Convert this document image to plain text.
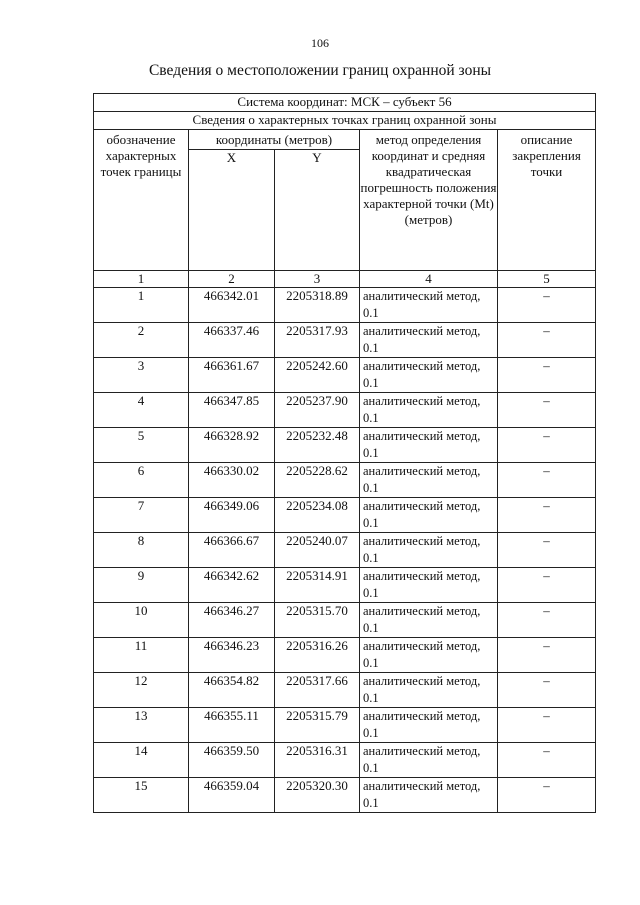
106
Сведения о местоположении границ охранной зоны
Система координат: МСК – субъект 56				
Сведения о характерных точках границ охранной зоны				
обозначение характерных точек границы	координаты (метров)		метод определения координат и средняя квадратическая погрешность положения характерной точки (Mt) (метров)	описание закрепления точки
	X	Y		
1	2	3	4	5
1	466342.01	2205318.89	аналитический метод, 0.1	–
2	466337.46	2205317.93	аналитический метод, 0.1	–
3	466361.67	2205242.60	аналитический метод, 0.1	–
4	466347.85	2205237.90	аналитический метод, 0.1	–
5	466328.92	2205232.48	аналитический метод, 0.1	–
6	466330.02	2205228.62	аналитический метод, 0.1	–
7	466349.06	2205234.08	аналитический метод, 0.1	–
8	466366.67	2205240.07	аналитический метод, 0.1	–
9	466342.62	2205314.91	аналитический метод, 0.1	–
10	466346.27	2205315.70	аналитический метод, 0.1	–
11	466346.23	2205316.26	аналитический метод, 0.1	–
12	466354.82	2205317.66	аналитический метод, 0.1	–
13	466355.11	2205315.79	аналитический метод, 0.1	–
14	466359.50	2205316.31	аналитический метод, 0.1	–
15	466359.04	2205320.30	аналитический метод, 0.1	–
